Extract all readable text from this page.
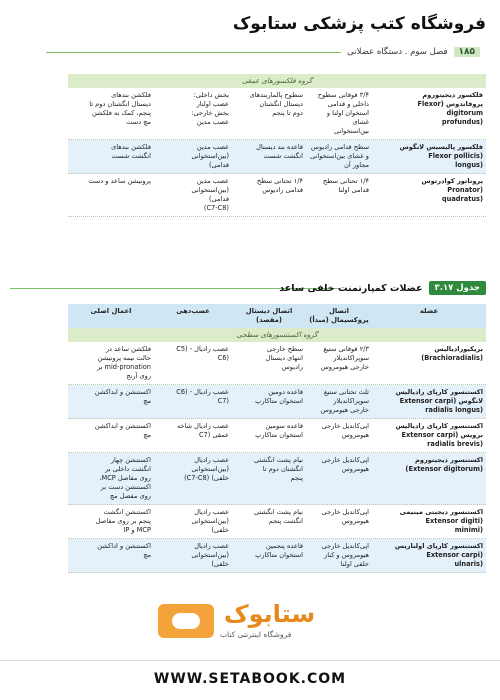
فروشگاه کتب پزشکی ستابوک
۱۸۵
فصل سوم . دستگاه عضلانی
گروه فلکسورهای عمقی
فلکسور دیجیتوروم
پروفاندوس (Flexor
digitorum
(profundus
۳/۴ فوقانی سطوح
داخلی و قدامی
استخوان اولنا و غشای
بین‌استخوانی
سطوح پالماریند‌های
دیستال انگشتان
دوم تا پنجم
بخش داخلی:
عصب اولنار
بخش خارجی:
عصب مدین
فلکشن بند‌های
دیستال انگشتان دوم تا
پنجم، کمک به فلکشن
مچ دست
فلکسور پالیسیس لانگوس
(Flexor pollicis
(longus
سطح قدامی رادیوس
و غشای بین‌استخوانی
مجاور آن
قاعده بند دیستال
انگشت شست
عصب مدین
(بین‌استخوانی
قدامی)
فلکشن بند‌های
انگشت شست
پروناتور کوادرتوس
(Pronator
(quadratus
۱/۴ تحتانی سطح
قدامی اولنا
۱/۴ تحتانی سطح
قدامی رادیوس
عصب مدین
(بین‌استخوانی
قدامی)
(C7-C8)
پرونیشن ساعد و دست
جدول ۳.۱۷
عضلات کمپارتمنت خلفی ساعد
عضله
اتصال پروکسیمال (مبدأ)
اتصال دیستال (مقصد)
عصب‌دهی
اعمال اصلی
گروه اکستنسورهای سطحی
بریکیورادیالیس
(Brachioradialis)
۲/۳ فوقانی ستیغ
سوپراکاندیلار
خارجی هیومروس
سطح خارجی
انتهای دیستال
رادیوس
عصب رادیال - (C5
(C6
فلکشن ساعد در
حالت نیمه پرونیشن
mid-pronation بر
روی آرنج
اکستنسور کارپای رادیالیس
لانگوس (Extensor carpi
(radialis longus
ثلث تحتانی ستیغ
سوپراکاندیلار
خارجی هیومروس
قاعده دومین
استخوان متاکارپ
عصب رادیال - (C6
(C7
اکستنشن و ابداکشن
مچ
اکستنسور کارپای رادیالیس
برویس (Extensor carpi
(radialis brevis
اپی‌کاندیل خارجی
هیومروس
قاعده سومین
استخوان متاکارپ
عصب رادیال شاخه
عمقی (C7
اکستنشن و ابداکشن
مچ
اکستنسور دیجیتوروم
(Extensor digitorum)
اپی‌کاندیل خارجی
هیومروس
نیام پشت انگشتی
انگشتان دوم تا
پنجم
عصب رادیال
(بین‌استخوانی
خلفی) (C7-C8)
اکستنشن چهار
انگشت داخلی بر
روی مفاصل MCP،
اکستنشن دست بر
روی مفصل مچ
اکستنسور دیجیتی مینیمی
(Extensor digiti
(minimi
اپی‌کاندیل خارجی
هیومروس
نیام پشت انگشتی
انگشت پنجم
عصب رادیال
(بین‌استخوانی
خلفی)
اکستنشن انگشت
پنجم بر روی مفاصل
MCP و IP
اکستنسور کارپای اولناریس
(Extensor carpi
(ulnaris
اپی‌کاندیل خارجی
هیومروس و کنار
خلفی اولنا
قاعده پنجمین
استخوان متاکارپ
عصب رادیال
(بین‌استخوانی
خلفی)
اکستنشن و اداکشن
مچ
ستابوک
فروشگاه اینترنتی کتاب
WWW.SETABOOK.COM
